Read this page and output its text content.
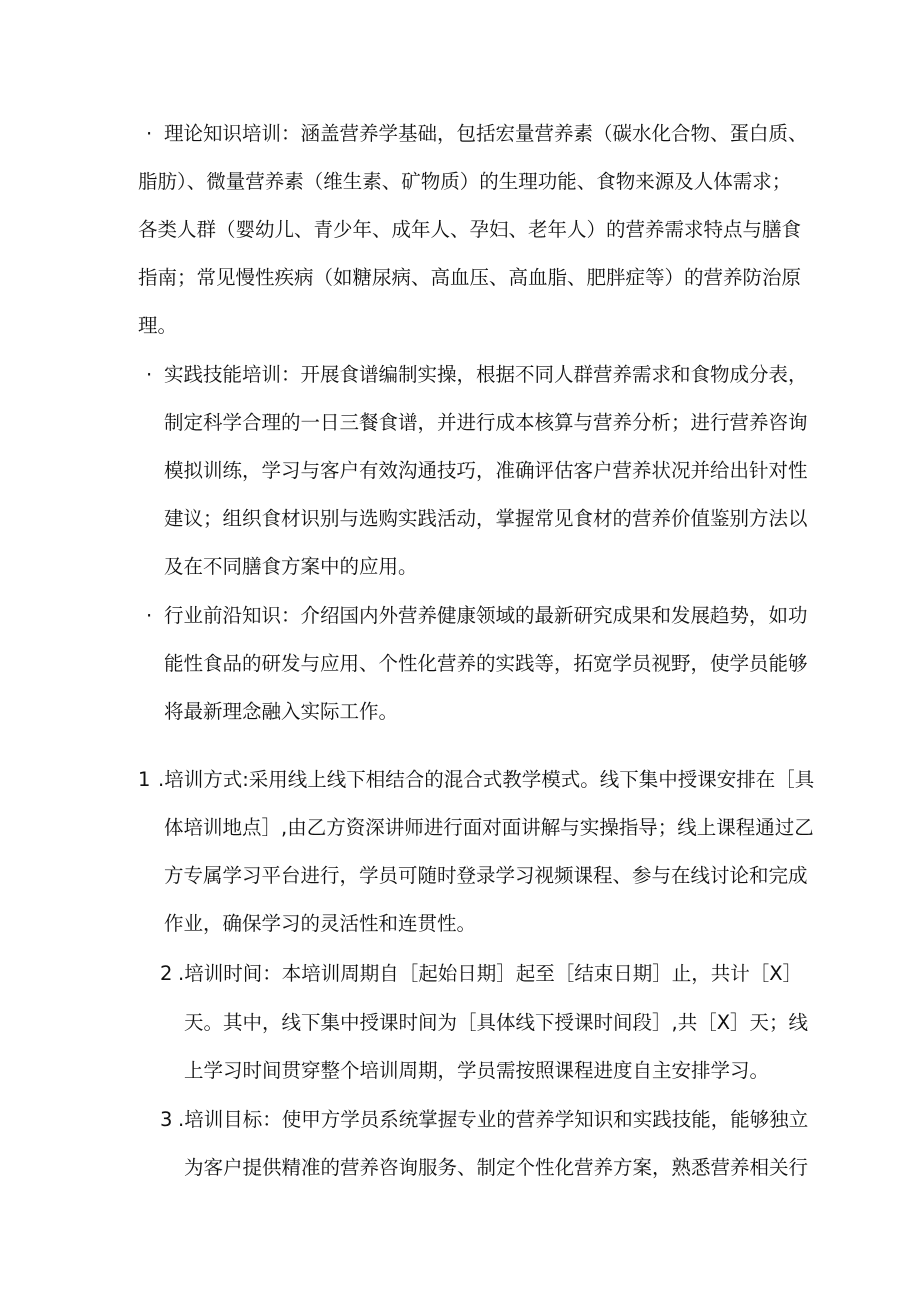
· 理论知识培训：涵盖营养学基础，包括宏量营养素（碳水化合物、蛋白质、
脂肪）、微量营养素（维生素、矿物质）的生理功能、食物来源及人体需求；
各类人群（婴幼儿、青少年、成年人、孕妇、老年人）的营养需求特点与膳食
指南；常见慢性疾病（如糖尿病、高血压、高血脂、肥胖症等）的营养防治原
理。
· 实践技能培训：开展食谱编制实操，根据不同人群营养需求和食物成分表，
制定科学合理的一日三餐食谱，并进行成本核算与营养分析；进行营养咨询
模拟训练，学习与客户有效沟通技巧，准确评估客户营养状况并给出针对性
建议；组织食材识别与选购实践活动，掌握常见食材的营养价值鉴别方法以
及在不同膳食方案中的应用。
· 行业前沿知识：介绍国内外营养健康领域的最新研究成果和发展趋势，如功
能性食品的研发与应用、个性化营养的实践等，拓宽学员视野，使学员能够
将最新理念融入实际工作。
1 .培训方式:采用线上线下相结合的混合式教学模式。线下集中授课安排在［具
体培训地点］,由乙方资深讲师进行面对面讲解与实操指导；线上课程通过乙
方专属学习平台进行，学员可随时登录学习视频课程、参与在线讨论和完成
作业，确保学习的灵活性和连贯性。
2 .培训时间：本培训周期自［起始日期］起至［结束日期］止，共计［X］
天。其中，线下集中授课时间为［具体线下授课时间段］,共［X］天；线
上学习时间贯穿整个培训周期，学员需按照课程进度自主安排学习。
3 .培训目标：使甲方学员系统掌握专业的营养学知识和实践技能，能够独立
为客户提供精准的营养咨询服务、制定个性化营养方案，熟悉营养相关行
